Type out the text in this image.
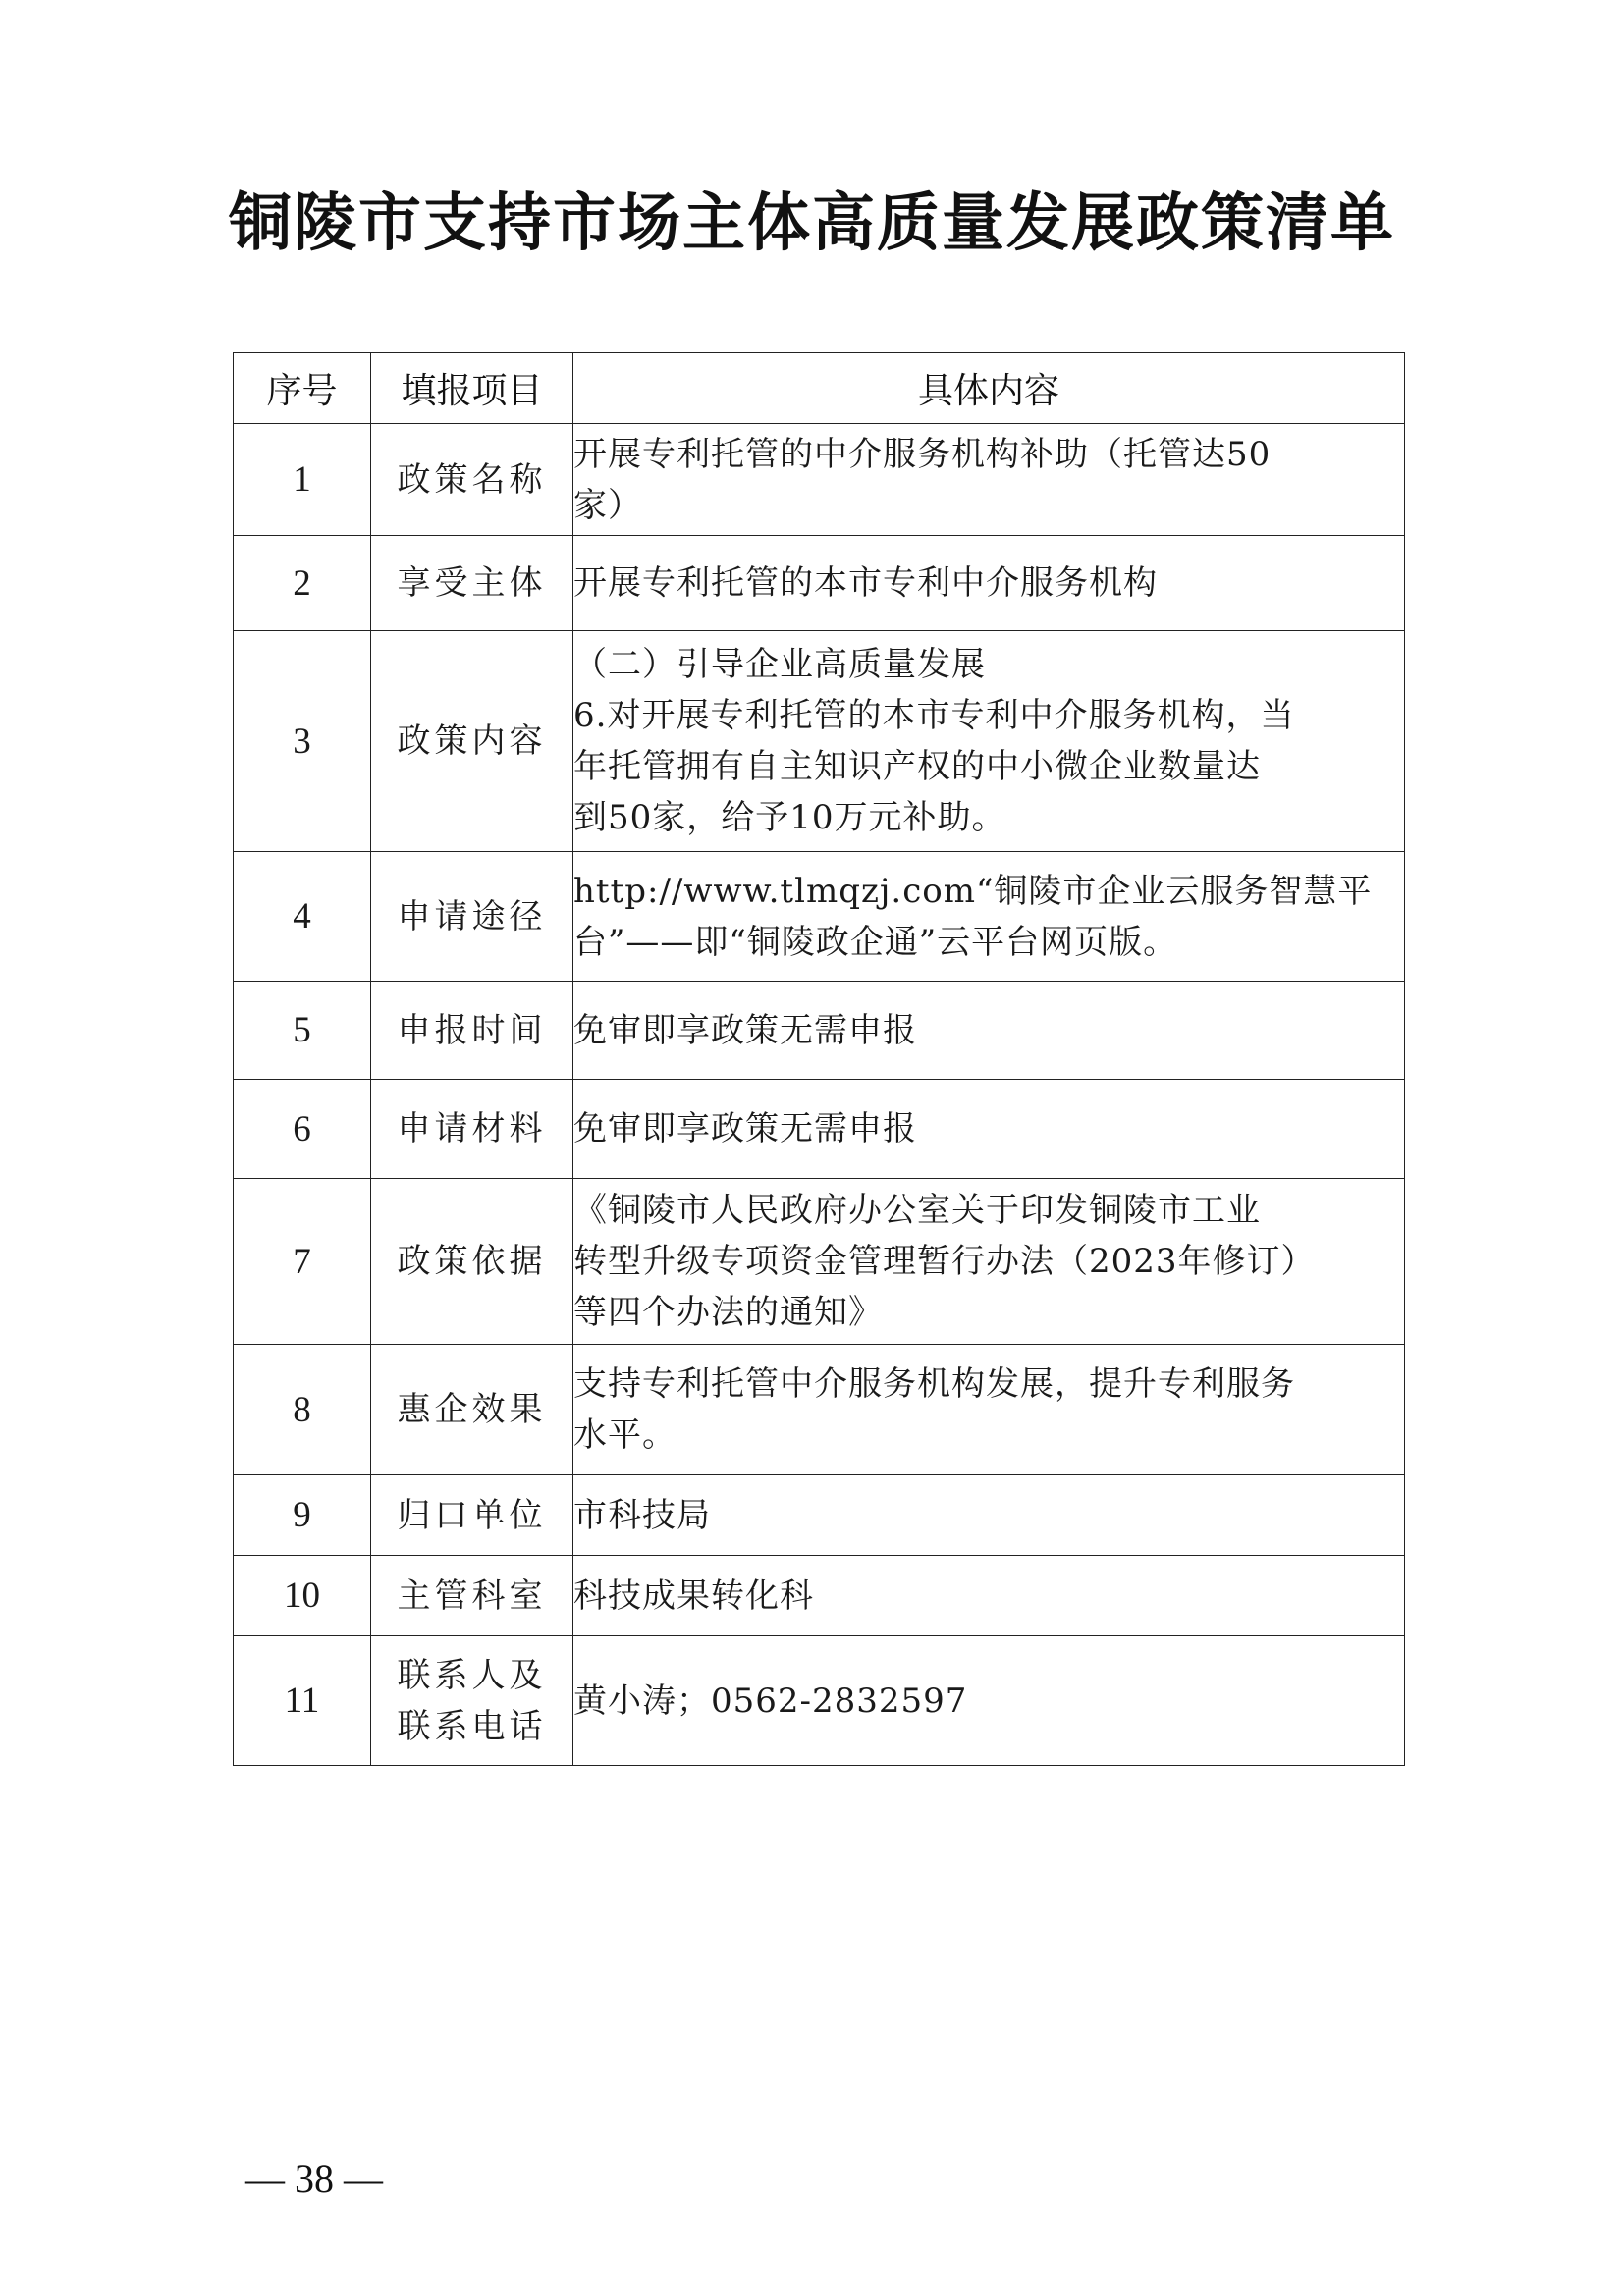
铜陵市支持市场主体高质量发展政策清单
序号	填报项目	具体内容
1	政策名称	开展专利托管的中介服务机构补助（托管达50
家）

2	享受主体	开展专利托管的本市专利中介服务机构

3	政策内容	（二）引导企业高质量发展
6.对开展专利托管的本市专利中介服务机构，当
年托管拥有自主知识产权的中小微企业数量达
到50家，给予10万元补助。

4	申请途径	http://www.tlmqzj.com“铜陵市企业云服务智慧平
台”——即“铜陵政企通”云平台网页版。

5	申报时间	免审即享政策无需申报

6	申请材料	免审即享政策无需申报

7	政策依据	《铜陵市人民政府办公室关于印发铜陵市工业
转型升级专项资金管理暂行办法（2023年修订）
等四个办法的通知》

8	惠企效果	支持专利托管中介服务机构发展，提升专利服务
水平。

9	归口单位	市科技局

10	主管科室	科技成果转化科

11	联系人及
联系电话	黄小涛；0562-2832597
— 38 —
